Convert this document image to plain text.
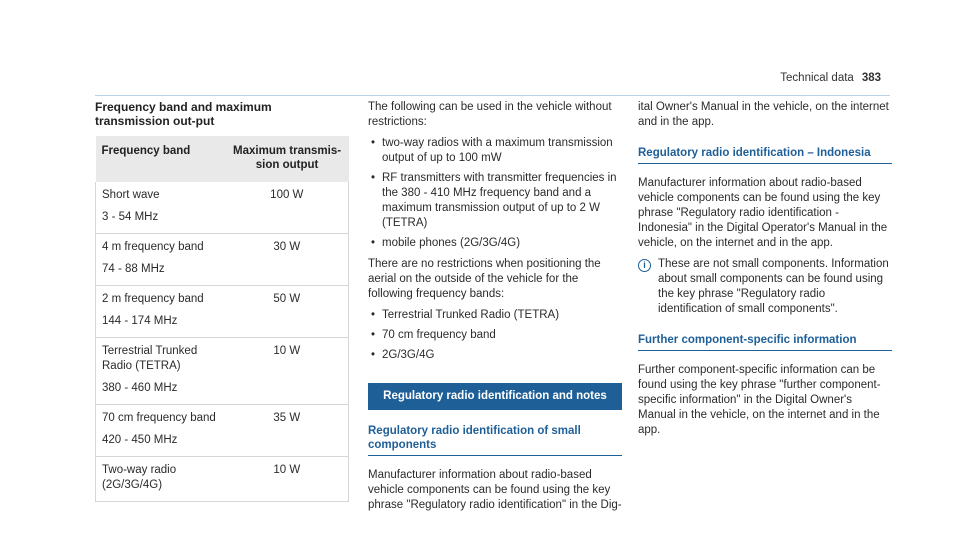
Technical data 383
Frequency band and maximum transmission out-put
Frequency band	Maximum transmis-sion output

Short wave
3 - 54 MHz	100 W

4 m frequency band
74 - 88 MHz	30 W

2 m frequency band
144 - 174 MHz	50 W

Terrestrial Trunked Radio (TETRA)
380 - 460 MHz	10 W

70 cm frequency band
420 - 450 MHz	35 W

Two-way radio (2G/3G/4G)	10 W

The following can be used in the vehicle without restrictions:

• two-way radios with a maximum transmission output of up to 100 mW
• RF transmitters with transmitter frequencies in the 380 - 410 MHz frequency band and a maximum transmission output of up to 2 W (TETRA)
• mobile phones (2G/3G/4G)

There are no restrictions when positioning the aerial on the outside of the vehicle for the following frequency bands:

• Terrestrial Trunked Radio (TETRA)
• 70 cm frequency band
• 2G/3G/4G
Regulatory radio identification and notes
Regulatory radio identification of small components

Manufacturer information about radio-based vehicle components can be found using the key phrase "Regulatory radio identification" in the Dig-

ital Owner's Manual in the vehicle, on the internet and in the app.

Regulatory radio identification – Indonesia

Manufacturer information about radio-based vehicle components can be found using the key phrase "Regulatory radio identification - Indonesia" in the Digital Operator's Manual in the vehicle, on the internet and in the app.

i	These are not small components. Information about small components can be found using the key phrase "Regulatory radio identification of small components".
Further component-specific information

Further component-specific information can be found using the key phrase "further component-specific information" in the Digital Owner's Manual in the vehicle, on the internet and in the app.
